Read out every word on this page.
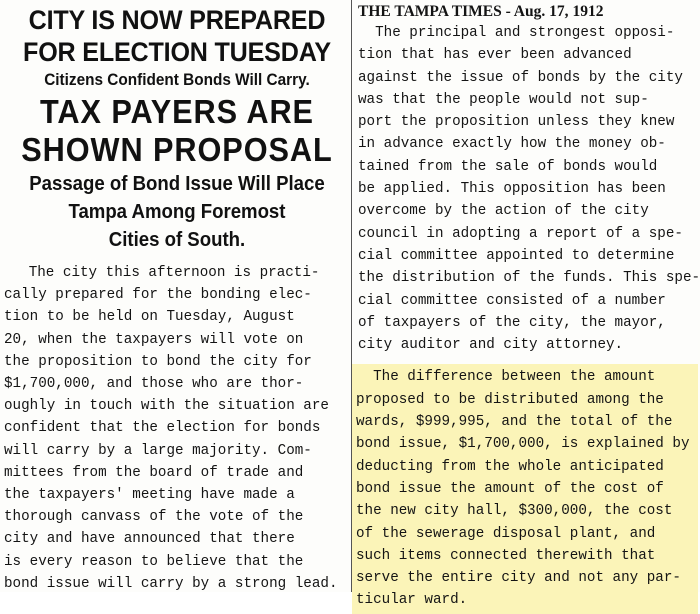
CITY IS NOW PREPARED
FOR ELECTION TUESDAY
Citizens Confident Bonds Will Carry.
TAX PAYERS ARE
SHOWN PROPOSAL
Passage of Bond Issue Will Place
Tampa Among Foremost
Cities of South.
The city this afternoon is practi-
cally prepared for the bonding elec-
tion to be held on Tuesday, August
20, when the taxpayers will vote on
the proposition to bond the city for
$1,700,000, and those who are thor-
oughly in touch with the situation are
confident that the election for bonds
will carry by a large majority. Com-
mittees from the board of trade and
the taxpayers' meeting have made a
thorough canvass of the vote of the
city and have announced that there
is every reason to believe that the
bond issue will carry by a strong lead.
THE TAMPA TIMES - Aug. 17, 1912
The principal and strongest opposi-
tion that has ever been advanced
against the issue of bonds by the city
was that the people would not sup-
port the proposition unless they knew
in advance exactly how the money ob-
tained from the sale of bonds would
be applied. This opposition has been
overcome by the action of the city
council in adopting a report of a spe-
cial committee appointed to determine
the distribution of the funds. This spe-
cial committee consisted of a number
of taxpayers of the city, the mayor,
city auditor and city attorney.
The difference between the amount
proposed to be distributed among the
wards, $999,995, and the total of the
bond issue, $1,700,000, is explained by
deducting from the whole anticipated
bond issue the amount of the cost of
the new city hall, $300,000, the cost
of the sewerage disposal plant, and
such items connected therewith that
serve the entire city and not any par-
ticular ward.
